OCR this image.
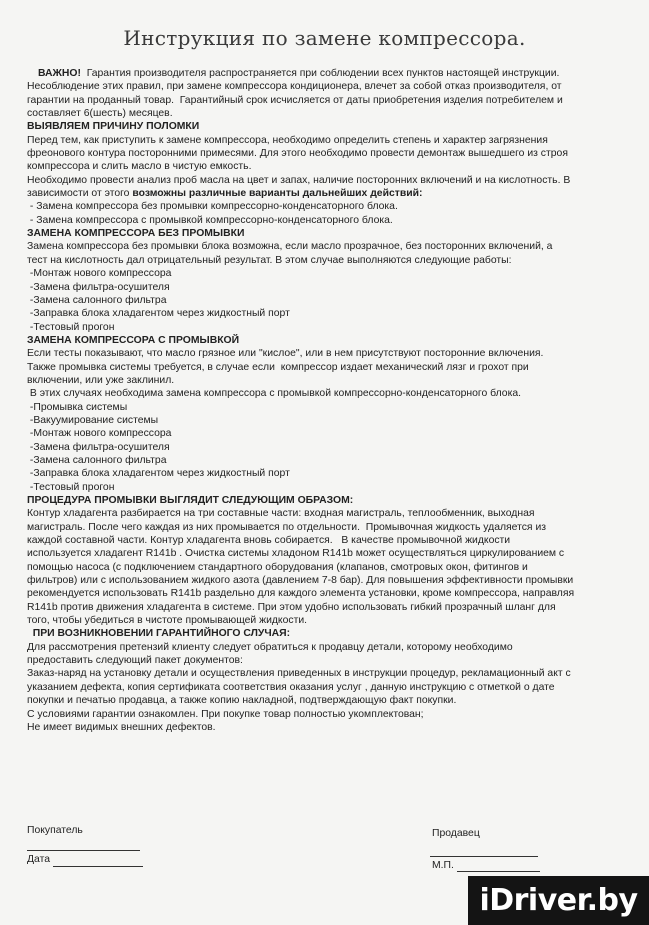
Инструкция по замене компрессора.
ВАЖНО!  Гарантия производителя распространяется при соблюдении всех пунктов настоящей инструкции.
Несоблюдение этих правил, при замене компрессора кондиционера, влечет за собой отказ производителя, от
гарантии на проданный товар.  Гарантийный срок исчисляется от даты приобретения изделия потребителем и
составляет 6(шесть) месяцев.
ВЫЯВЛЯЕМ ПРИЧИНУ ПОЛОМКИ
Перед тем, как приступить к замене компрессора, необходимо определить степень и характер загрязнения
фреонового контура посторонними примесями. Для этого необходимо провести демонтаж вышедшего из строя
компрессора и слить масло в чистую емкость.
Необходимо провести анализ проб масла на цвет и запах, наличие посторонних включений и на кислотность. В
зависимости от этого возможны различные варианты дальнейших действий:
- Замена компрессора без промывки компрессорно-конденсаторного блока.
- Замена компрессора с промывкой компрессорно-конденсаторного блока.
ЗАМЕНА КОМПРЕССОРА БЕЗ ПРОМЫВКИ
Замена компрессора без промывки блока возможна, если масло прозрачное, без посторонних включений, а
тест на кислотность дал отрицательный результат. В этом случае выполняются следующие работы:
-Монтаж нового компрессора
-Замена фильтра-осушителя
-Замена салонного фильтра
-Заправка блока хладагентом через жидкостный порт
-Тестовый прогон
ЗАМЕНА КОМПРЕССОРА С ПРОМЫВКОЙ
Если тесты показывают, что масло грязное или "кислое", или в нем присутствуют посторонние включения.
Также промывка системы требуется, в случае если  компрессор издает механический лязг и грохот при
включении, или уже заклинил.
В этих случаях необходима замена компрессора с промывкой компрессорно-конденсаторного блока.
-Промывка системы
-Вакуумирование системы
-Монтаж нового компрессора
-Замена фильтра-осушителя
-Замена салонного фильтра
-Заправка блока хладагентом через жидкостный порт
-Тестовый прогон
ПРОЦЕДУРА ПРОМЫВКИ ВЫГЛЯДИТ СЛЕДУЮЩИМ ОБРАЗОМ:
Контур хладагента разбирается на три составные части: входная магистраль, теплообменник, выходная
магистраль. После чего каждая из них промывается по отдельности.  Промывочная жидкость удаляется из
каждой составной части. Контур хладагента вновь собирается.   В качестве промывочной жидкости
используется хладагент R141b . Очистка системы хладоном R141b может осуществляться циркулированием с
помощью насоса (с подключением стандартного оборудования (клапанов, смотровых окон, фитингов и
фильтров) или с использованием жидкого азота (давлением 7-8 бар). Для повышения эффективности промывки
рекомендуется использовать R141b раздельно для каждого элемента установки, кроме компрессора, направляя
R141b против движения хладагента в системе. При этом удобно использовать гибкий прозрачный шланг для
того, чтобы убедиться в чистоте промывающей жидкости.
ПРИ ВОЗНИКНОВЕНИИ ГАРАНТИЙНОГО СЛУЧАЯ:
Для рассмотрения претензий клиенту следует обратиться к продавцу детали, которому необходимо
предоставить следующий пакет документов:
Заказ-наряд на установку детали и осуществления приведенных в инструкции процедур, рекламационный акт с
указанием дефекта, копия сертификата соответствия оказания услуг , данную инструкцию с отметкой о дате
покупки и печатью продавца, а также копию накладной, подтверждающую факт покупки.
С условиями гарантии ознакомлен. При покупке товар полностью укомплектован;
Не имеет видимых внешних дефектов.
Покупатель
Дата
Продавец
М.П.
iDriver.by
